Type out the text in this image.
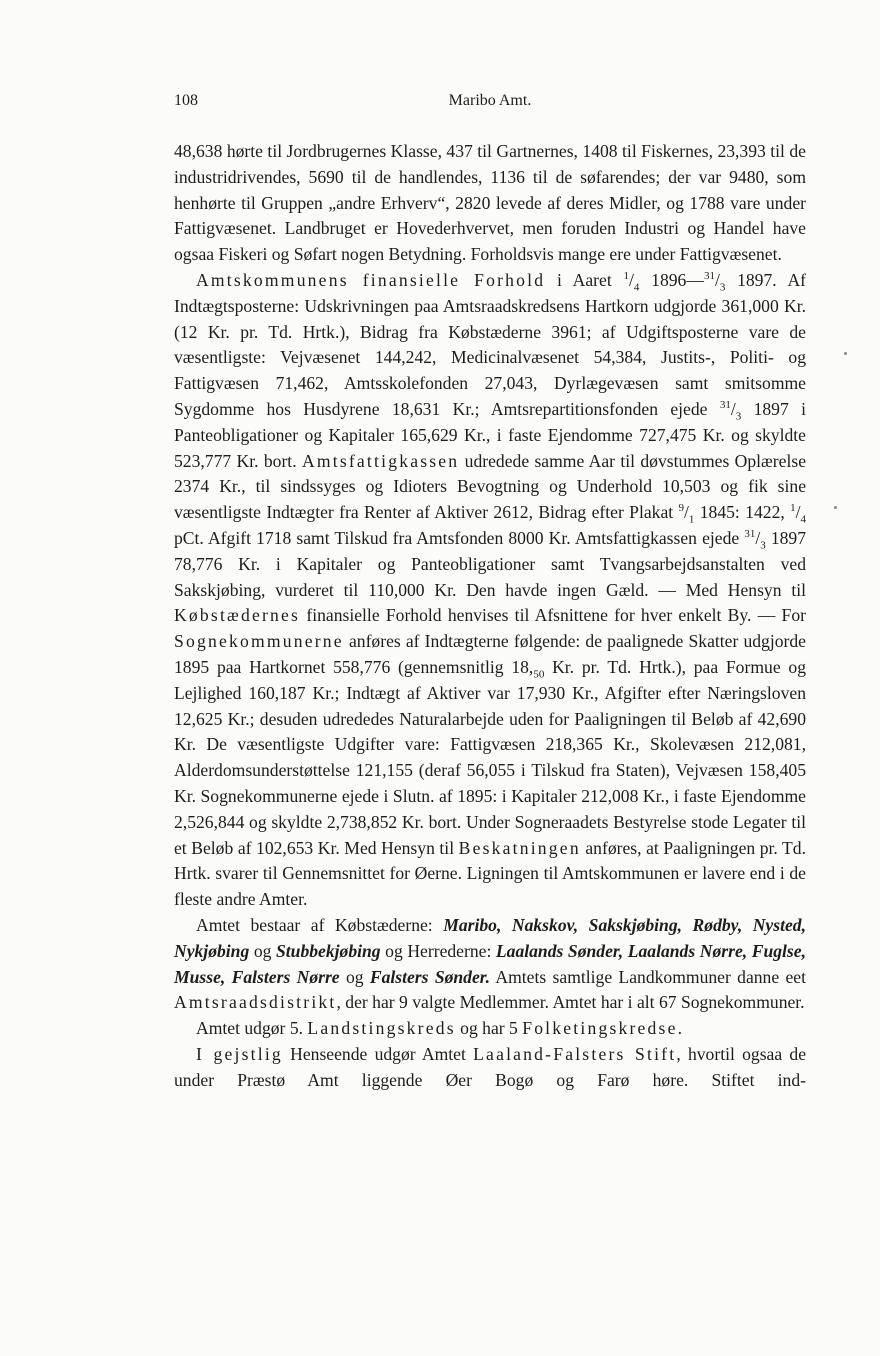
108	Maribo Amt.

48,638 hørte til Jordbrugernes Klasse, 437 til Gartnernes, 1408 til Fiskernes, 23,393 til de industridrivendes, 5690 til de handlendes, 1136 til de søfarendes; der var 9480, som henhørte til Gruppen „andre Erhverv“, 2820 levede af deres Midler, og 1788 vare under Fattigvæsenet. Landbruget er Hovederhvervet, men foruden Industri og Handel have ogsaa Fiskeri og Søfart nogen Betydning. Forholdsvis mange ere under Fattigvæsenet.

Amtskommunens finansielle Forhold i Aaret $^1/_4$ $1896—^{31}/_3$ 1897. Af Indtægtsposterne: Udskrivningen paa Amtsraadskredsens Hartkorn udgjorde 361,000 Kr. (12 Kr. pr. Td. Hrtk.), Bidrag fra Købstæderne 3961; af Udgiftsposterne vare de væsentligste: Vejvæsenet 144,242, Medicinalvæsenet 54,384, Justits-, Politi- og Fattigvæsen 71,462, Amtsskolefonden 27,043, Dyrlægevæsen samt smitsomme Sygdomme hos Husdyrene 18,631 Kr.; Amtsrepartitionsfonden ejede $^{31}/_3$ 1897 i Panteobligationer og Kapitaler 165,629 Kr., i faste Ejendomme 727,475 Kr. og skyldte 523,777 Kr. bort. Amtsfattigkassen udredede samme Aar til døvstummes Oplærelse 2374 Kr., til sindssyges og Idioters Bevogtning og Underhold 10,503 og fik sine væsentligste Indtægter fra Renter af Aktiver 2612, Bidrag efter Plakat $^9/_1$ 1845: 1422, $^1/_4$ pCt. Afgift 1718 samt Tilskud fra Amtsfonden 8000 Kr. Amtsfattigkassen ejede $^{31}/_3$ 1897 78,776 Kr. i Kapitaler og Panteobligationer samt Tvangsarbejdsanstalten ved Sakskjøbing, vurderet til 110,000 Kr. Den havde ingen Gæld. — Med Hensyn til Købstædernes finansielle Forhold henvises til Afsnittene for hver enkelt By. — For Sognekommunerne anføres af Indtægterne følgende: de paalignede Skatter udgjorde 1895 paa Hartkornet 558,776 (gennemsnitlig $18,_{50}$ Kr. pr. Td. Hrtk.), paa Formue og Lejlighed 160,187 Kr.; Indtægt af Aktiver var 17,930 Kr., Afgifter efter Næringsloven 12,625 Kr.; desuden udrededes Naturalarbejde uden for Paaligningen til Beløb af 42,690 Kr. De væsentligste Udgifter vare: Fattigvæsen 218,365 Kr., Skolevæsen 212,081, Alderdomsunderstøttelse 121,155 (deraf 56,055 i Tilskud fra Staten), Vejvæsen 158,405 Kr. Sognekommunerne ejede i Slutn. af 1895: i Kapitaler 212,008 Kr., i faste Ejendomme 2,526,844 og skyldte 2,738,852 Kr. bort. Under Sogneraadets Bestyrelse stode Legater til et Beløb af 102,653 Kr. Med Hensyn til Beskatningen anføres, at Paaligningen pr. Td. Hrtk. svarer til Gennemsnittet for Øerne. Ligningen til Amtskommunen er lavere end i de fleste andre Amter.

Amtet bestaar af Købstæderne: Maribo, Nakskov, Sakskjøbing, Rødby, Nysted, Nykjøbing og Stubbekjøbing og Herrederne: Laalands Sønder, Laalands Nørre, Fuglse, Musse, Falsters Nørre og Falsters Sønder. Amtets samtlige Landkommuner danne eet Amtsraadsdistrikt, der har 9 valgte Medlemmer. Amtet har i alt 67 Sognekommuner.

Amtet udgør 5. Landstingskreds og har 5 Folketingskredse.

I gejstlig Henseende udgør Amtet Laaland-Falsters Stift, hvortil ogsaa de under Præstø Amt liggende Øer Bogø og Farø høre. Stiftet ind-
